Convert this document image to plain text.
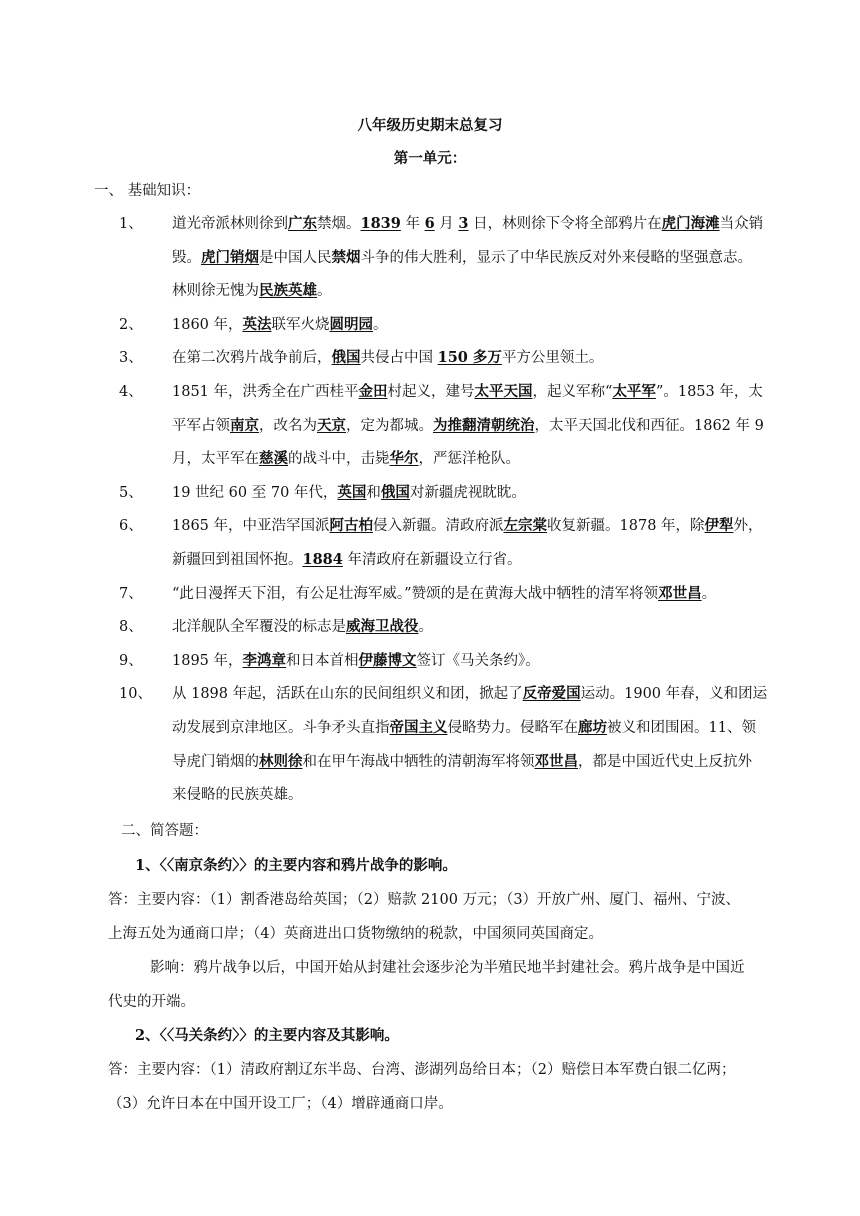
八年级历史期末总复习
第一单元：
一、 基础知识：
1、 道光帝派林则徐到广东禁烟。1839 年 6 月 3 日，林则徐下令将全部鸦片在虎门海滩当众销
毁。虎门销烟是中国人民禁烟斗争的伟大胜利，显示了中华民族反对外来侵略的坚强意志。
林则徐无愧为民族英雄。
2、 1860 年，英法联军火烧圆明园。
3、 在第二次鸦片战争前后，俄国共侵占中国 150 多万平方公里领土。
4、 1851 年，洪秀全在广西桂平金田村起义，建号太平天国，起义军称“太平军”。1853 年，太
平军占领南京，改名为天京，定为都城。为推翻清朝统治，太平天国北伐和西征。1862 年 9
月，太平军在慈溪的战斗中，击毙华尔，严惩洋枪队。
5、 19 世纪 60 至 70 年代，英国和俄国对新疆虎视眈眈。
6、 1865 年，中亚浩罕国派阿古柏侵入新疆。清政府派左宗棠收复新疆。1878 年，除伊犁外，
新疆回到祖国怀抱。1884 年清政府在新疆设立行省。
7、 “此日漫挥天下泪，有公足壮海军威。”赞颂的是在黄海大战中牺牲的清军将领邓世昌。
8、 北洋舰队全军覆没的标志是威海卫战役。
9、 1895 年，李鸿章和日本首相伊藤博文签订《马关条约》。
10、 从 1898 年起，活跃在山东的民间组织义和团，掀起了反帝爱国运动。1900 年春，义和团运
动发展到京津地区。斗争矛头直指帝国主义侵略势力。侵略军在廊坊被义和团围困。11、领
导虎门销烟的林则徐和在甲午海战中牺牲的清朝海军将领邓世昌，都是中国近代史上反抗外
来侵略的民族英雄。
二、简答题：
1、〈〈南京条约〉〉的主要内容和鸦片战争的影响。
答：主要内容：（1）割香港岛给英国；（2）赔款 2100 万元；（3）开放广州、厦门、福州、宁波、
上海五处为通商口岸；（4）英商进出口货物缴纳的税款，中国须同英国商定。
影响：鸦片战争以后，中国开始从封建社会逐步沦为半殖民地半封建社会。鸦片战争是中国近
代史的开端。
2、〈〈马关条约〉〉的主要内容及其影响。
答：主要内容：（1）清政府割辽东半岛、台湾、澎湖列岛给日本；（2）赔偿日本军费白银二亿两；
（3）允许日本在中国开设工厂；（4）增辟通商口岸。
